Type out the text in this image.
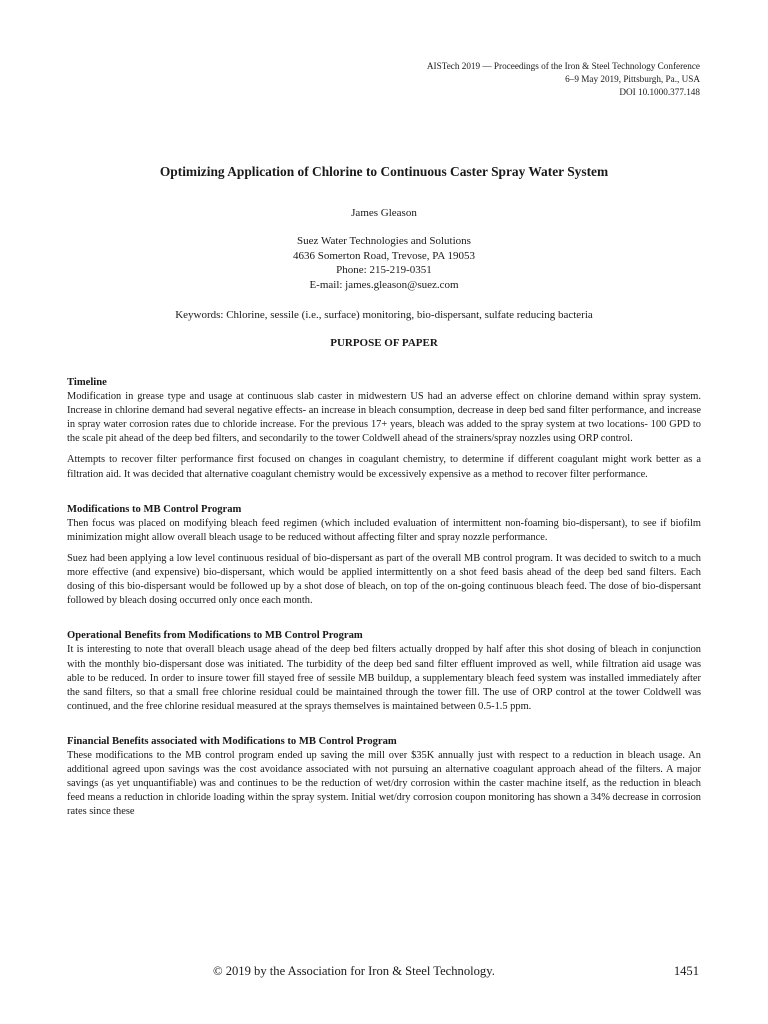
AISTech 2019 — Proceedings of the Iron & Steel Technology Conference
6–9 May 2019, Pittsburgh, Pa., USA
DOI 10.1000.377.148
Optimizing Application of Chlorine to Continuous Caster Spray Water System
James Gleason
Suez Water Technologies and Solutions
4636 Somerton Road, Trevose, PA 19053
Phone: 215-219-0351
E-mail: james.gleason@suez.com
Keywords: Chlorine, sessile (i.e., surface) monitoring, bio-dispersant, sulfate reducing bacteria
PURPOSE OF PAPER
Timeline

Modification in grease type and usage at continuous slab caster in midwestern US had an adverse effect on chlorine demand within spray system. Increase in chlorine demand had several negative effects- an increase in bleach consumption, decrease in deep bed sand filter performance, and increase in spray water corrosion rates due to chloride increase. For the previous 17+ years, bleach was added to the spray system at two locations- 100 GPD to the scale pit ahead of the deep bed filters, and secondarily to the tower Coldwell ahead of the strainers/spray nozzles using ORP control.

Attempts to recover filter performance first focused on changes in coagulant chemistry, to determine if different coagulant might work better as a filtration aid. It was decided that alternative coagulant chemistry would be excessively expensive as a method to recover filter performance.

Modifications to MB Control Program

Then focus was placed on modifying bleach feed regimen (which included evaluation of intermittent non-foaming bio-dispersant), to see if biofilm minimization might allow overall bleach usage to be reduced without affecting filter and spray nozzle performance.

Suez had been applying a low level continuous residual of bio-dispersant as part of the overall MB control program. It was decided to switch to a much more effective (and expensive) bio-dispersant, which would be applied intermittently on a shot feed basis ahead of the deep bed sand filters. Each dosing of this bio-dispersant would be followed up by a shot dose of bleach, on top of the on-going continuous bleach feed. The dose of bio-dispersant followed by bleach dosing occurred only once each month.

Operational Benefits from Modifications to MB Control Program

It is interesting to note that overall bleach usage ahead of the deep bed filters actually dropped by half after this shot dosing of bleach in conjunction with the monthly bio-dispersant dose was initiated. The turbidity of the deep bed sand filter effluent improved as well, while filtration aid usage was able to be reduced. In order to insure tower fill stayed free of sessile MB buildup, a supplementary bleach feed system was installed immediately after the sand filters, so that a small free chlorine residual could be maintained through the tower fill. The use of ORP control at the tower Coldwell was continued, and the free chlorine residual measured at the sprays themselves is maintained between 0.5-1.5 ppm.

Financial Benefits associated with Modifications to MB Control Program

These modifications to the MB control program ended up saving the mill over $35K annually just with respect to a reduction in bleach usage. An additional agreed upon savings was the cost avoidance associated with not pursuing an alternative coagulant approach ahead of the filters. A major savings (as yet unquantifiable) was and continues to be the reduction of wet/dry corrosion within the caster machine itself, as the reduction in bleach feed means a reduction in chloride loading within the spray system. Initial wet/dry corrosion coupon monitoring has shown a 34% decrease in corrosion rates since these

© 2019 by the Association for Iron & Steel Technology.	1451
